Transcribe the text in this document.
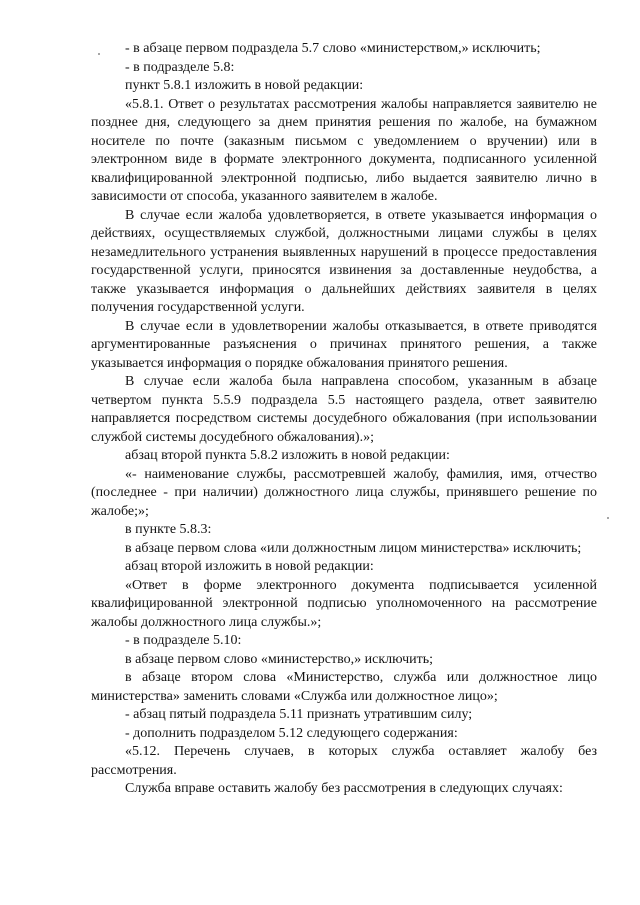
- в абзаце первом подраздела 5.7 слово «министерством,» исключить;

- в подразделе 5.8:

пункт 5.8.1 изложить в новой редакции:

«5.8.1. Ответ о результатах рассмотрения жалобы направляется заявителю не позднее дня, следующего за днем принятия решения по жалобе, на бумажном носителе по почте (заказным письмом с уведомлением о вручении) или в электронном виде в формате электронного документа, подписанного усиленной квалифицированной электронной подписью, либо выдается заявителю лично в зависимости от способа, указанного заявителем в жалобе.

В случае если жалоба удовлетворяется, в ответе указывается информация о действиях, осуществляемых службой, должностными лицами службы в целях незамедлительного устранения выявленных нарушений в процессе предоставления государственной услуги, приносятся извинения за доставленные неудобства, а также указывается информация о дальнейших действиях заявителя в целях получения государственной услуги.

В случае если в удовлетворении жалобы отказывается, в ответе приводятся аргументированные разъяснения о причинах принятого решения, а также указывается информация о порядке обжалования принятого решения.

В случае если жалоба была направлена способом, указанным в абзаце четвертом пункта 5.5.9 подраздела 5.5 настоящего раздела, ответ заявителю направляется посредством системы досудебного обжалования (при использовании службой системы досудебного обжалования).»;

абзац второй пункта 5.8.2 изложить в новой редакции:

«- наименование службы, рассмотревшей жалобу, фамилия, имя, отчество (последнее - при наличии) должностного лица службы, принявшего решение по жалобе;»;

в пункте 5.8.3:

в абзаце первом слова «или должностным лицом министерства» исключить;

абзац второй изложить в новой редакции:

«Ответ в форме электронного документа подписывается усиленной квалифицированной электронной подписью уполномоченного на рассмотрение жалобы должностного лица службы.»;

- в подразделе 5.10:

в абзаце первом слово «министерство,» исключить;

в абзаце втором слова «Министерство, служба или должностное лицо министерства» заменить словами «Служба или должностное лицо»;

- абзац пятый подраздела 5.11 признать утратившим силу;

- дополнить подразделом 5.12 следующего содержания:

«5.12. Перечень случаев, в которых служба оставляет жалобу без рассмотрения.

Служба вправе оставить жалобу без рассмотрения в следующих случаях:
